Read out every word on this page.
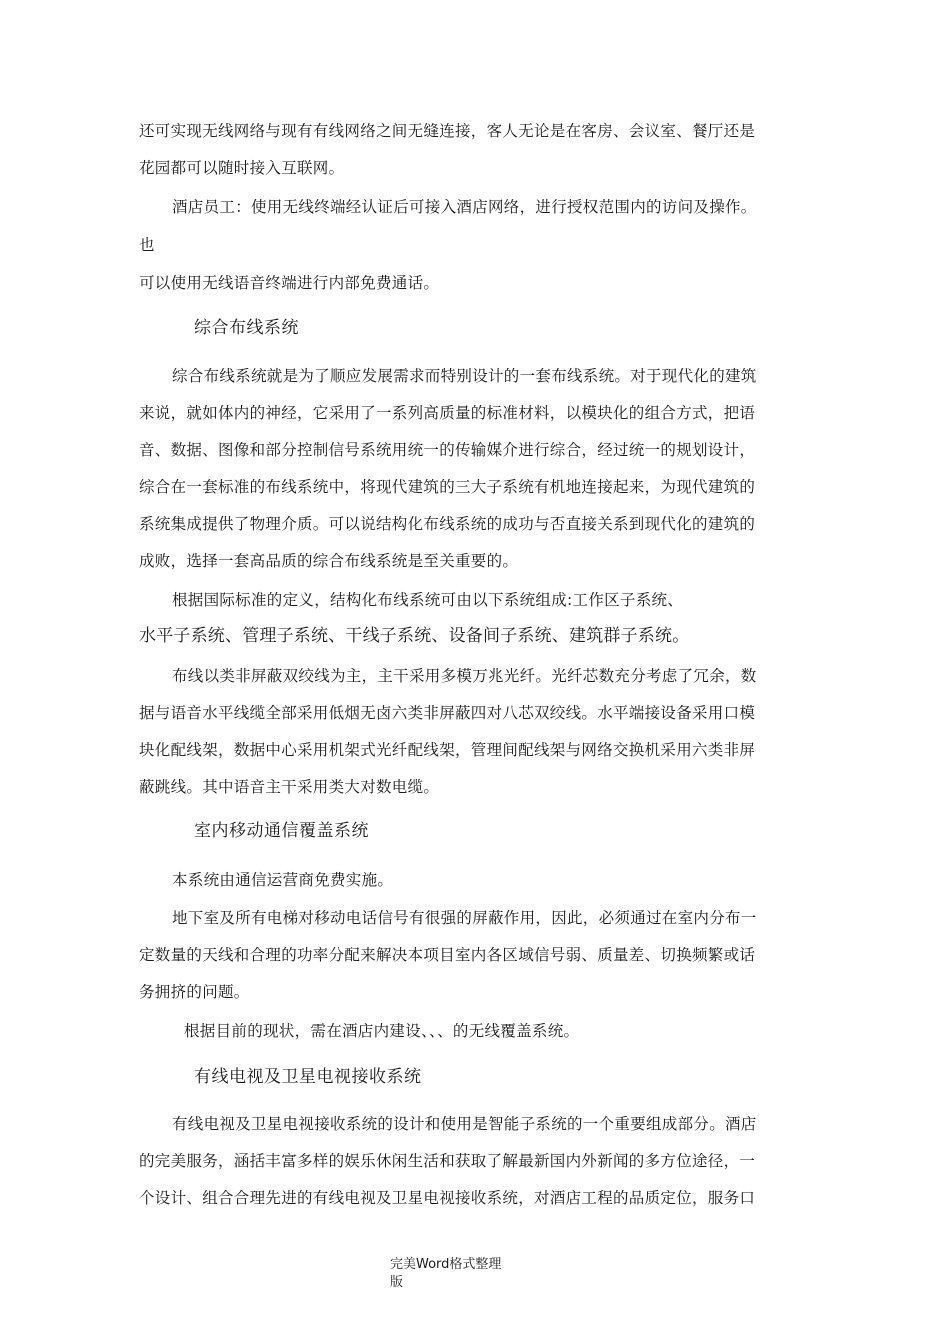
还可实现无线网络与现有有线网络之间无缝连接，客人无论是在客房、会议室、餐厅还是
花园都可以随时接入互联网。
酒店员工：使用无线终端经认证后可接入酒店网络，进行授权范围内的访问及操作。
也
可以使用无线语音终端进行内部免费通话。
综合布线系统
综合布线系统就是为了顺应发展需求而特别设计的一套布线系统。对于现代化的建筑
来说，就如体内的神经，它采用了一系列高质量的标准材料，以模块化的组合方式，把语
音、数据、图像和部分控制信号系统用统一的传输媒介进行综合，经过统一的规划设计，
综合在一套标准的布线系统中，将现代建筑的三大子系统有机地连接起来，为现代建筑的
系统集成提供了物理介质。可以说结构化布线系统的成功与否直接关系到现代化的建筑的
成败，选择一套高品质的综合布线系统是至关重要的。
根据国际标准的定义，结构化布线系统可由以下系统组成:工作区子系统、
水平子系统、管理子系统、干线子系统、设备间子系统、建筑群子系统。
布线以类非屏蔽双绞线为主，主干采用多模万兆光纤。光纤芯数充分考虑了冗余，数
据与语音水平线缆全部采用低烟无卤六类非屏蔽四对八芯双绞线。水平端接设备采用口模
块化配线架，数据中心采用机架式光纤配线架，管理间配线架与网络交换机采用六类非屏
蔽跳线。其中语音主干采用类大对数电缆。
室内移动通信覆盖系统
本系统由通信运营商免费实施。
地下室及所有电梯对移动电话信号有很强的屏蔽作用，因此，必须通过在室内分布一
定数量的天线和合理的功率分配来解决本项目室内各区域信号弱、质量差、切换频繁或话
务拥挤的问题。
根据目前的现状，需在酒店内建设、、、的无线覆盖系统。
有线电视及卫星电视接收系统
有线电视及卫星电视接收系统的设计和使用是智能子系统的一个重要组成部分。酒店
的完美服务，涵括丰富多样的娱乐休闲生活和获取了解最新国内外新闻的多方位途径，一
个设计、组合合理先进的有线电视及卫星电视接收系统，对酒店工程的品质定位，服务口
完美Word格式整理
版
